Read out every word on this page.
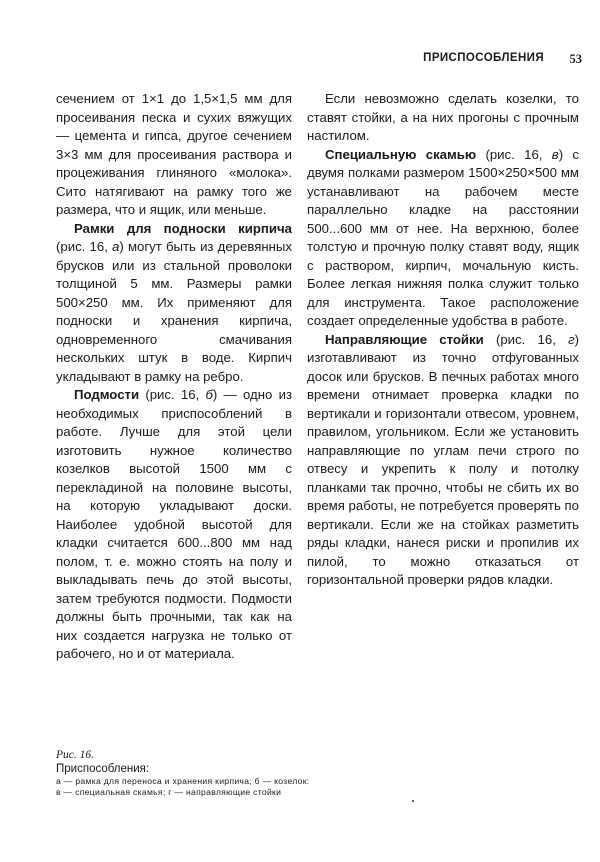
ПРИСПОСОБЛЕНИЯ 53

сечением от 1×1 до 1,5×1,5 мм для просеивания песка и сухих вяжущих — цемента и гипса, другое сечением 3×3 мм для просеивания раствора и процеживания глиняного «молока». Сито натягивают на рамку того же размера, что и ящик, или меньше.

Рамки для подноски кирпича (рис. 16, а) могут быть из деревянных брусков или из стальной проволоки толщиной 5 мм. Размеры рамки 500×250 мм. Их применяют для подноски и хранения кирпича, одновременного смачивания нескольких штук в воде. Кирпич укладывают в рамку на ребро.

Подмости (рис. 16, б) — одно из необходимых приспособлений в работе. Лучше для этой цели изготовить нужное количество козелков высотой 1500 мм с перекладиной на половине высоты, на которую укладывают доски. Наиболее удобной высотой для кладки считается 600...800 мм над полом, т. е. можно стоять на полу и выкладывать печь до этой высоты, затем требуются подмости. Подмости должны быть прочными, так как на них создается нагрузка не только от рабочего, но и от материала.

Если невозможно сделать козелки, то ставят стойки, а на них прогоны с прочным настилом.

Специальную скамью (рис. 16, в) с двумя полками размером 1500×250×500 мм устанавливают на рабочем месте параллельно кладке на расстоянии 500...600 мм от нее. На верхнюю, более толстую и прочную полку ставят воду, ящик с раствором, кирпич, мочальную кисть. Более легкая нижняя полка служит только для инструмента. Такое расположение создает определенные удобства в работе.

Направляющие стойки (рис. 16, г) изготавливают из точно отфугованных досок или брусков. В печных работах много времени отнимает проверка кладки по вертикали и горизонтали отвесом, уровнем, правилом, угольником. Если же установить направляющие по углам печи строго по отвесу и укрепить к полу и потолку планками так прочно, чтобы не сбить их во время работы, не потребуется проверять по вертикали. Если же на стойках разметить ряды кладки, нанеся риски и пропилив их пилой, то можно отказаться от горизонтальной проверки рядов кладки.

Рис. 16.
Приспособления:
а — рамка для переноса и хранения кирпича; б — козелок:
в — специальная скамья; г — направляющие стойки
